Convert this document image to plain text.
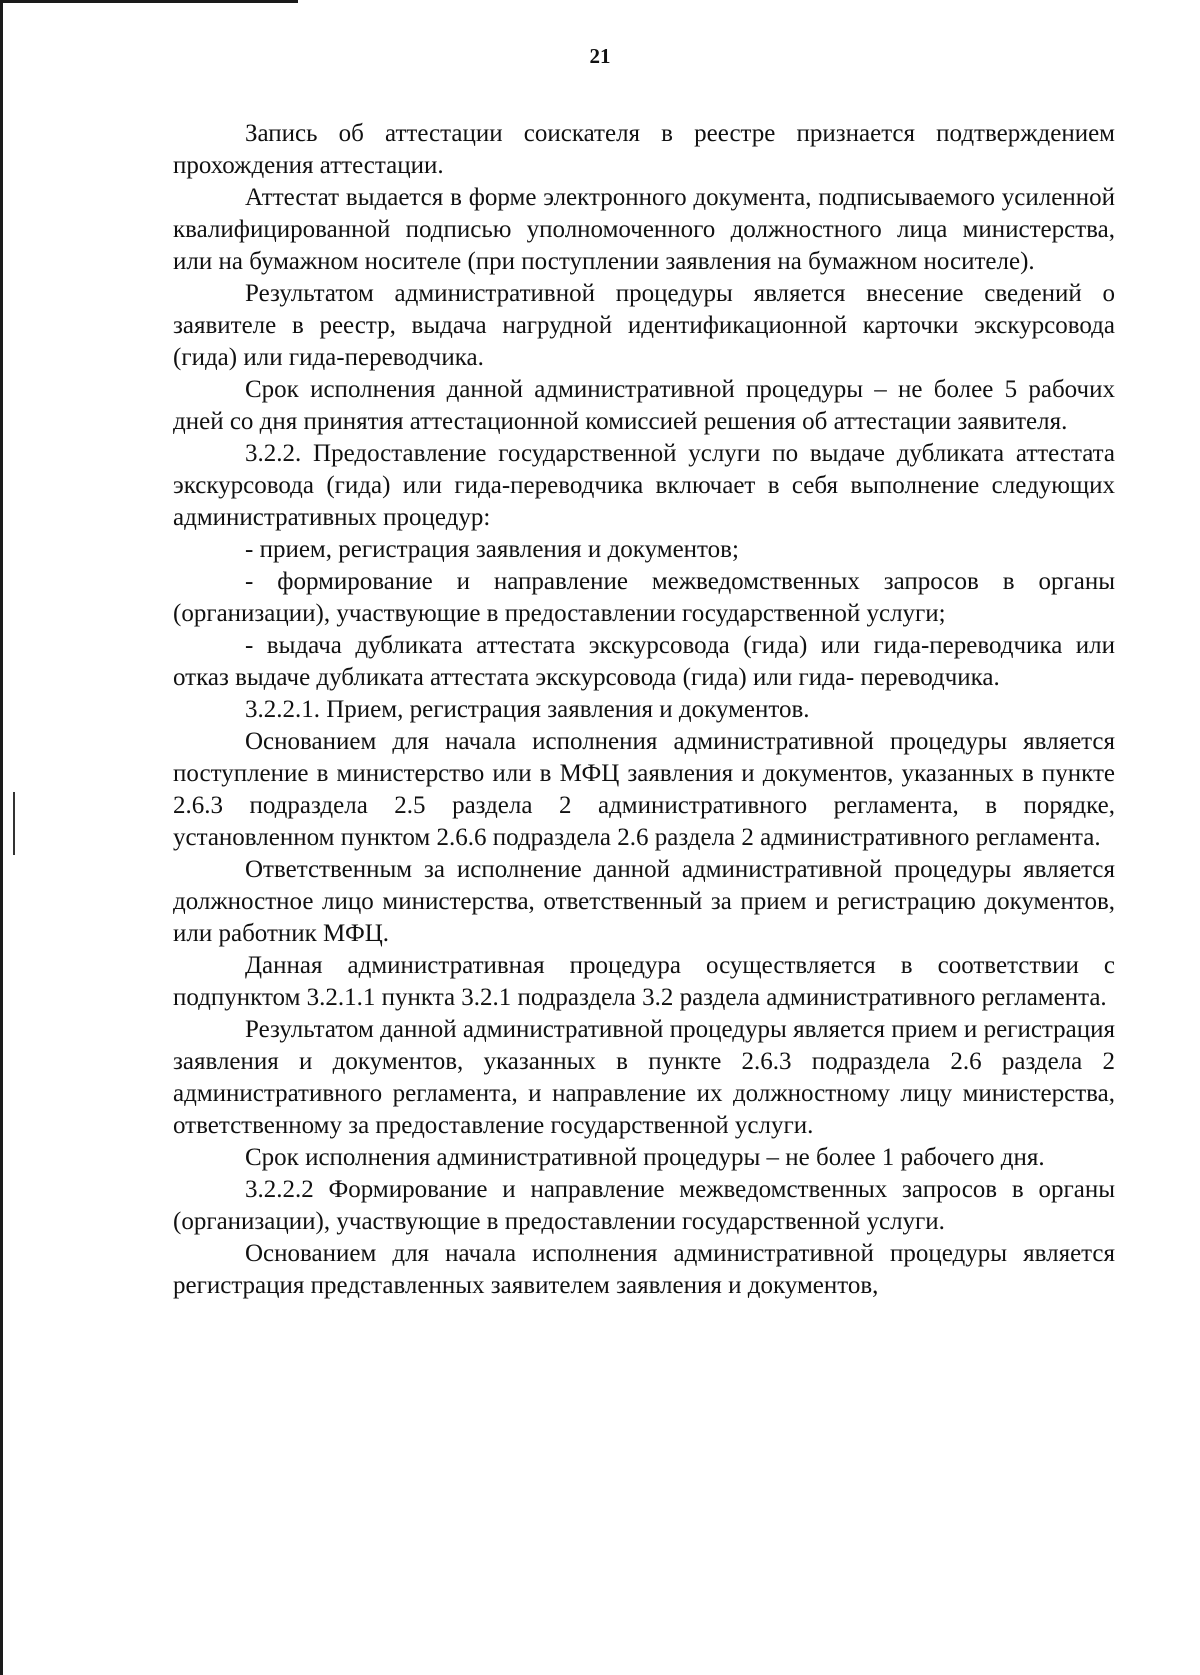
21

Запись об аттестации соискателя в реестре признается подтверждением прохождения аттестации.

Аттестат выдается в форме электронного документа, подписываемого усиленной квалифицированной подписью уполномоченного должностного лица министерства, или на бумажном носителе (при поступлении заявления на бумажном носителе).

Результатом административной процедуры является внесение сведений о заявителе в реестр, выдача нагрудной идентификационной карточки экскурсовода (гида) или гида-переводчика.

Срок исполнения данной административной процедуры – не более 5 рабочих дней со дня принятия аттестационной комиссией решения об аттестации заявителя.

3.2.2. Предоставление государственной услуги по выдаче дубликата аттестата экскурсовода (гида) или гида-переводчика включает в себя выполнение следующих административных процедур:

- прием, регистрация заявления и документов;

- формирование и направление межведомственных запросов в органы (организации), участвующие в предоставлении государственной услуги;

- выдача дубликата аттестата экскурсовода (гида) или гида-переводчика или отказ выдаче дубликата аттестата экскурсовода (гида) или гида- переводчика.

3.2.2.1. Прием, регистрация заявления и документов.

Основанием для начала исполнения административной процедуры является поступление в министерство или в МФЦ заявления и документов, указанных в пункте 2.6.3 подраздела 2.5 раздела 2 административного регламента, в порядке, установленном пунктом 2.6.6 подраздела 2.6 раздела 2 административного регламента.

Ответственным за исполнение данной административной процедуры является должностное лицо министерства, ответственный за прием и регистрацию документов, или работник МФЦ.

Данная административная процедура осуществляется в соответствии с подпунктом 3.2.1.1 пункта 3.2.1 подраздела 3.2 раздела административного регламента.

Результатом данной административной процедуры является прием и регистрация заявления и документов, указанных в пункте 2.6.3 подраздела 2.6 раздела 2 административного регламента, и направление их должностному лицу министерства, ответственному за предоставление государственной услуги.

Срок исполнения административной процедуры – не более 1 рабочего дня.

3.2.2.2 Формирование и направление межведомственных запросов в органы (организации), участвующие в предоставлении государственной услуги.

Основанием для начала исполнения административной процедуры является регистрация представленных заявителем заявления и документов,
